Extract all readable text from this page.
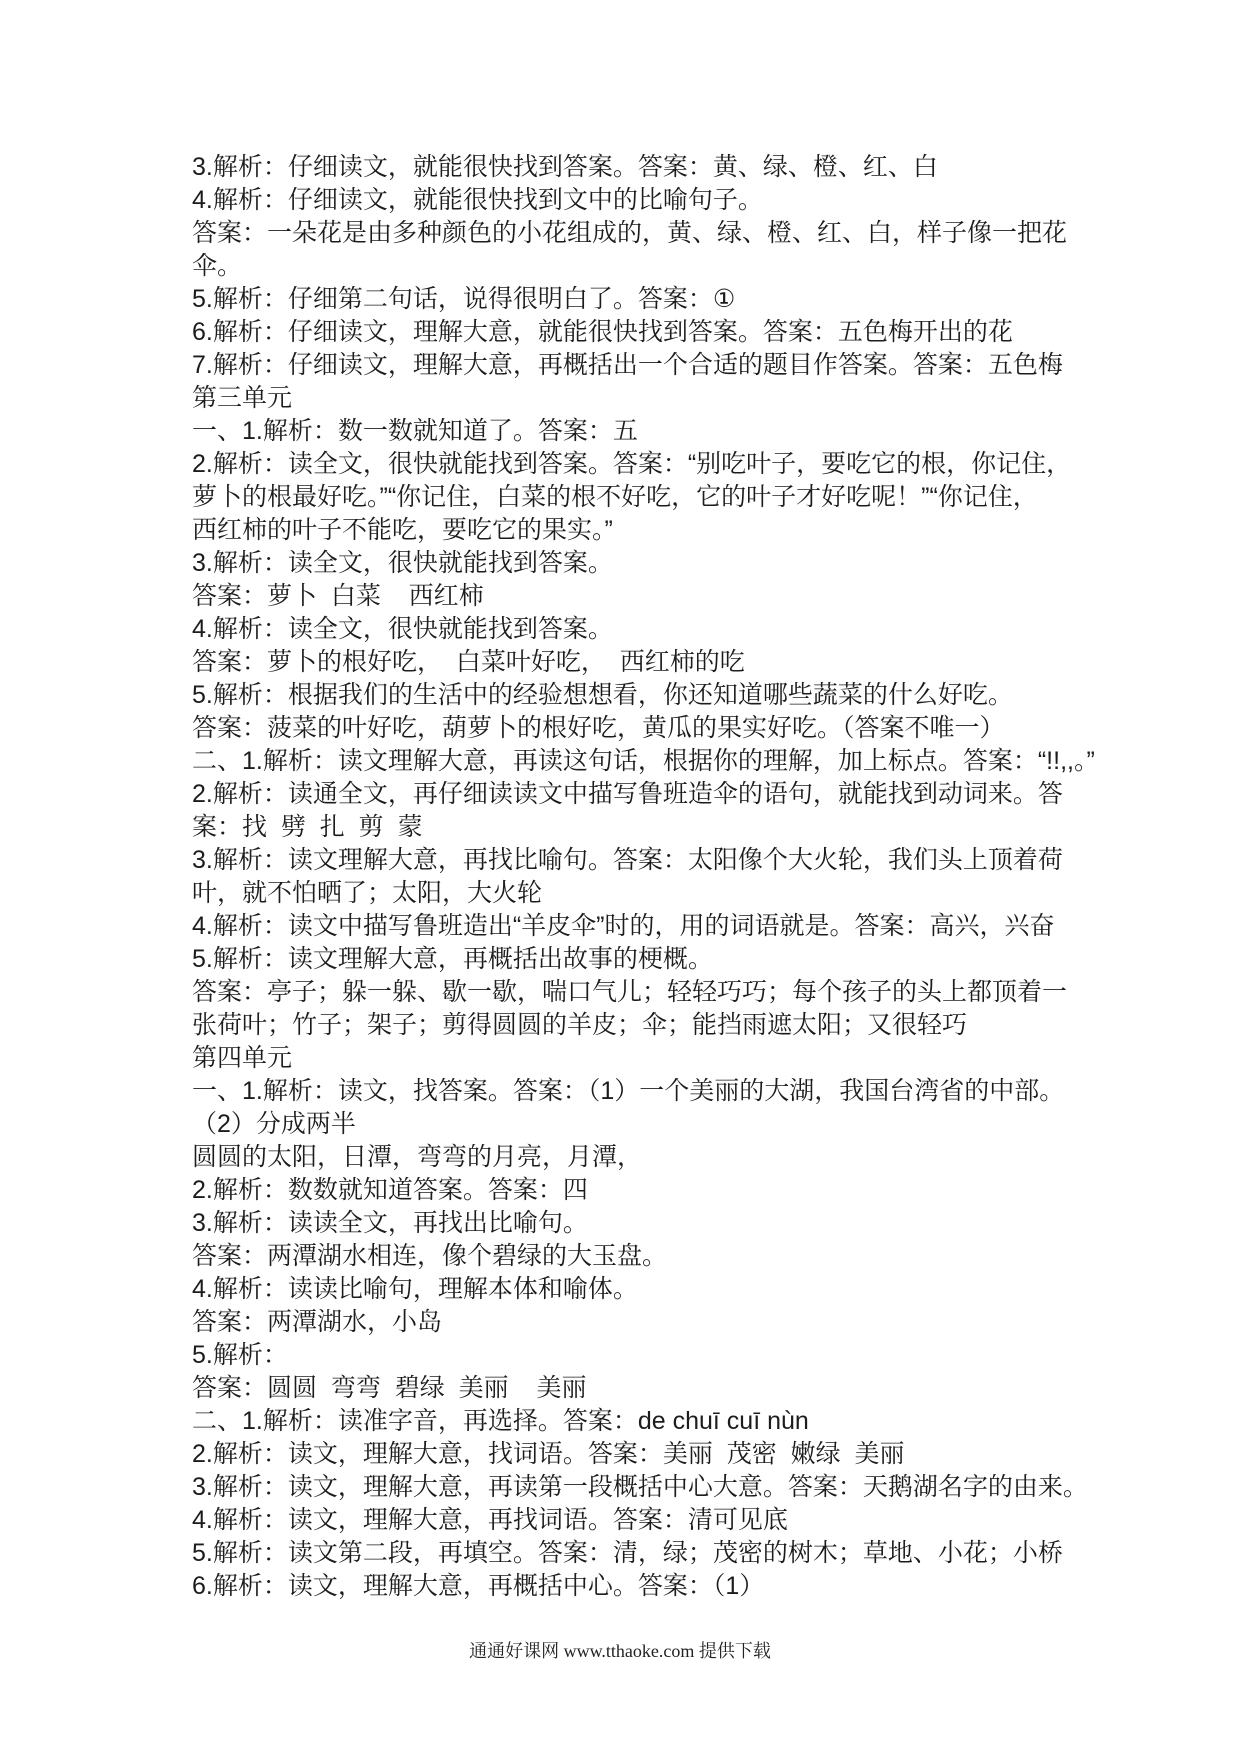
3.解析：仔细读文，就能很快找到答案。答案：黄、绿、橙、红、白
4.解析：仔细读文，就能很快找到文中的比喻句子。
答案：一朵花是由多种颜色的小花组成的，黄、绿、橙、红、白，样子像一把花
伞。
5.解析：仔细第二句话，说得很明白了。答案：①
6.解析：仔细读文，理解大意，就能很快找到答案。答案：五色梅开出的花
7.解析：仔细读文，理解大意，再概括出一个合适的题目作答案。答案：五色梅
第三单元
一、1.解析：数一数就知道了。答案：五
2.解析：读全文，很快就能找到答案。答案：“别吃叶子，要吃它的根，你记住，
萝卜的根最好吃。”“你记住，白菜的根不好吃，它的叶子才好吃呢！”“你记住，
西红柿的叶子不能吃，要吃它的果实。”
3.解析：读全文，很快就能找到答案。
答案：萝卜  白菜    西红柿
4.解析：读全文，很快就能找到答案。
答案：萝卜的根好吃，  白菜叶好吃，  西红柿的吃
5.解析：根据我们的生活中的经验想想看，你还知道哪些蔬菜的什么好吃。
答案：菠菜的叶好吃，葫萝卜的根好吃，黄瓜的果实好吃。（答案不唯一）
二、1.解析：读文理解大意，再读这句话，根据你的理解，加上标点。答案：“!!,,。”
2.解析：读通全文，再仔细读读文中描写鲁班造伞的语句，就能找到动词来。答
案：找  劈  扎  剪  蒙
3.解析：读文理解大意，再找比喻句。答案：太阳像个大火轮，我们头上顶着荷
叶，就不怕晒了；太阳，大火轮
4.解析：读文中描写鲁班造出“羊皮伞”时的，用的词语就是。答案：高兴，兴奋
5.解析：读文理解大意，再概括出故事的梗概。
答案：亭子；躲一躲、歇一歇，喘口气儿；轻轻巧巧；每个孩子的头上都顶着一
张荷叶；竹子；架子；剪得圆圆的羊皮；伞；能挡雨遮太阳；又很轻巧
第四单元
一、1.解析：读文，找答案。答案：（1）一个美丽的大湖，我国台湾省的中部。
（2）分成两半
圆圆的太阳，日潭，弯弯的月亮，月潭，
2.解析：数数就知道答案。答案：四
3.解析：读读全文，再找出比喻句。
答案：两潭湖水相连，像个碧绿的大玉盘。
4.解析：读读比喻句，理解本体和喻体。
答案：两潭湖水，小岛
5.解析：
答案：圆圆  弯弯  碧绿  美丽    美丽
二、1.解析：读准字音，再选择。答案：de chuī cuī nùn
2.解析：读文，理解大意，找词语。答案：美丽  茂密  嫩绿  美丽
3.解析：读文，理解大意，再读第一段概括中心大意。答案：天鹅湖名字的由来。
4.解析：读文，理解大意，再找词语。答案：清可见底
5.解析：读文第二段，再填空。答案：清，绿；茂密的树木；草地、小花；小桥
6.解析：读文，理解大意，再概括中心。答案：（1）
通通好课网 www.tthaoke.com 提供下载
